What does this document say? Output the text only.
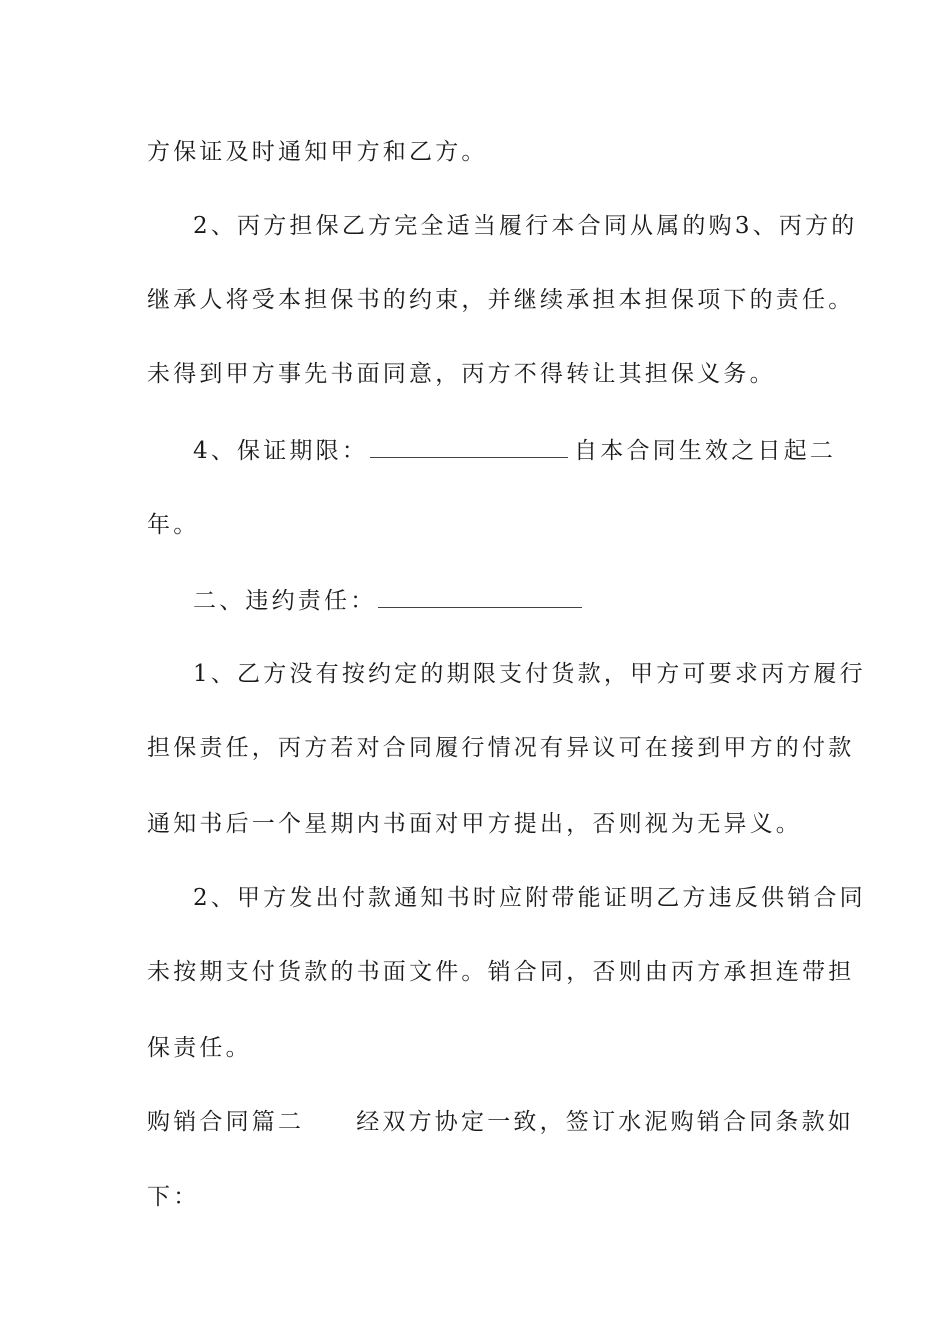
方保证及时通知甲方和乙方。
2、丙方担保乙方完全适当履行本合同从属的购3、丙方的
继承人将受本担保书的约束，并继续承担本担保项下的责任。
未得到甲方事先书面同意，丙方不得转让其担保义务。
4、保证期限：	自本合同生效之日起二
年。
二、违约责任：
1、乙方没有按约定的期限支付货款，甲方可要求丙方履行
担保责任，丙方若对合同履行情况有异议可在接到甲方的付款
通知书后一个星期内书面对甲方提出，否则视为无异义。
2、甲方发出付款通知书时应附带能证明乙方违反供销合同
未按期支付货款的书面文件。销合同，否则由丙方承担连带担
保责任。
购销合同篇二 经双方协定一致，签订水泥购销合同条款如
下：
